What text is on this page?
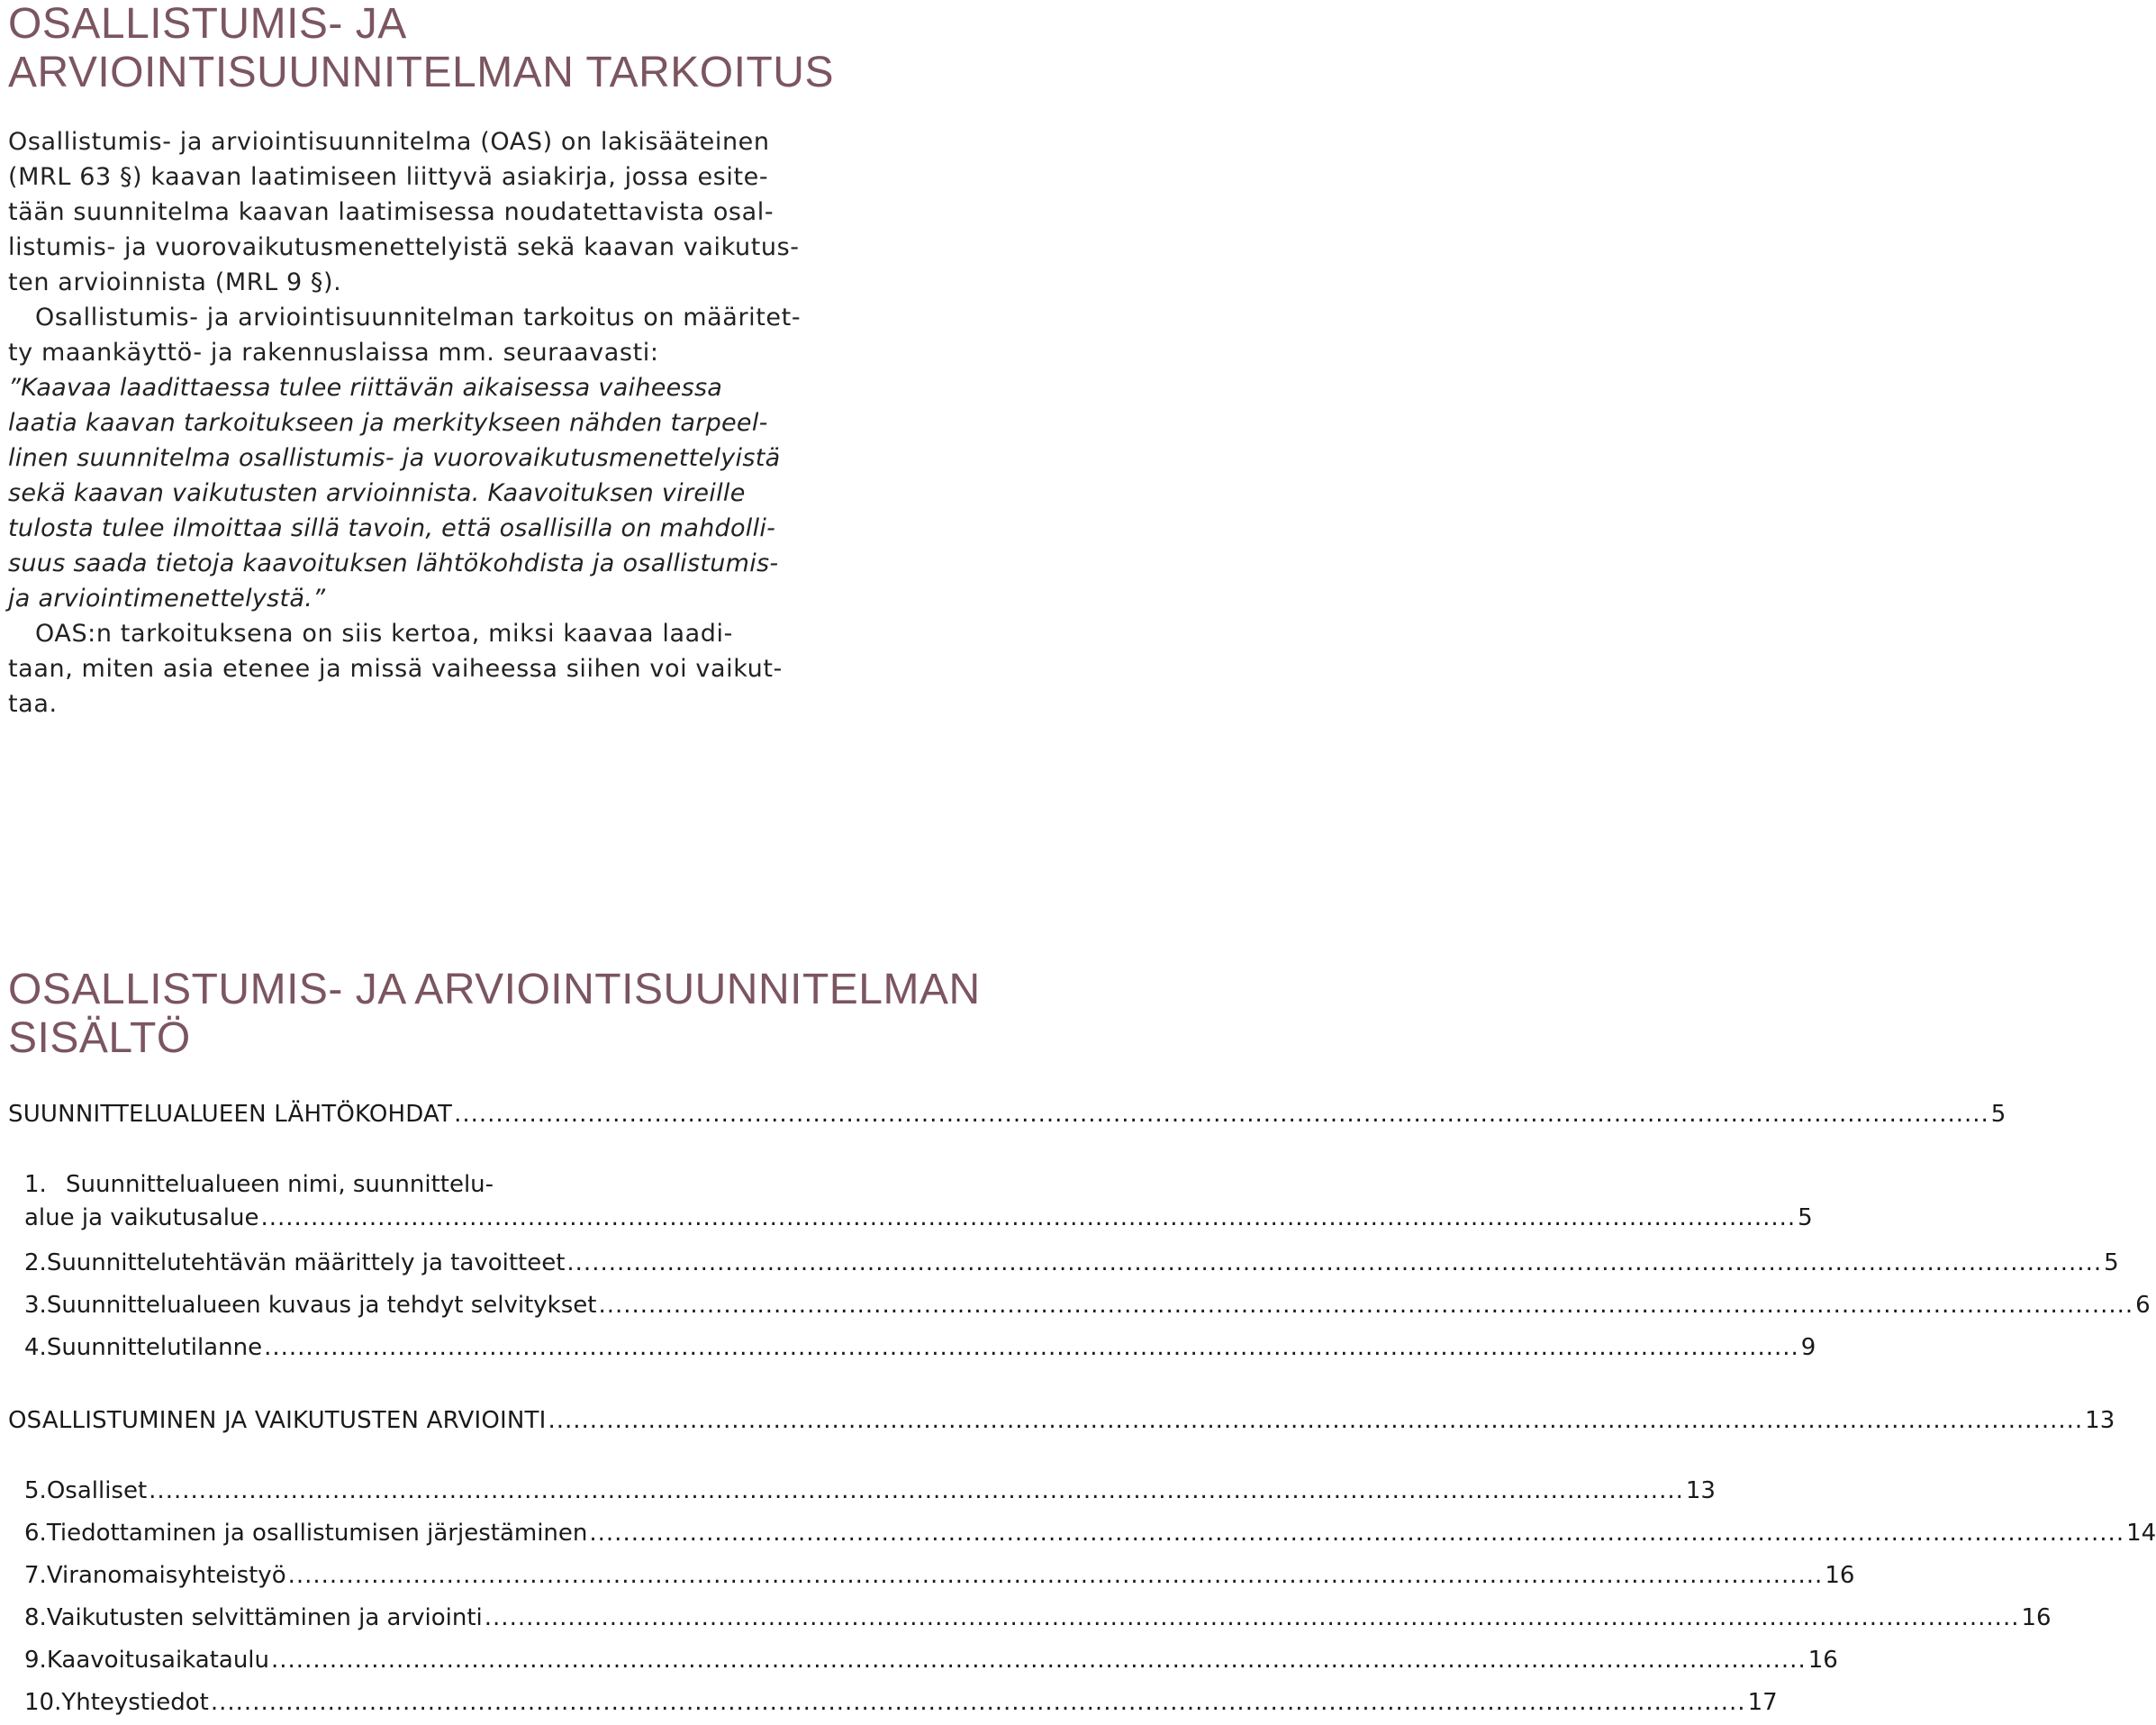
OSALLISTUMIS- JA
ARVIOINTISUUNNITELMAN TARKOITUS
Osallistumis- ja arviointisuunnitelma (OAS) on lakisääteinen
(MRL 63 §) kaavan laatimiseen liittyvä asiakirja, jossa esite-
tään suunnitelma kaavan laatimisessa noudatettavista osal-
listumis- ja vuorovaikutusmenettelyistä sekä kaavan vaikutus-
ten arvioinnista (MRL 9 §).
Osallistumis- ja arviointisuunnitelman tarkoitus on määritet-
ty maankäyttö- ja rakennuslaissa mm. seuraavasti:
”Kaavaa laadittaessa tulee riittävän aikaisessa vaiheessa
laatia kaavan tarkoitukseen ja merkitykseen nähden tarpeel-
linen suunnitelma osallistumis- ja vuorovaikutusmenettelyistä
sekä kaavan vaikutusten arvioinnista. Kaavoituksen vireille
tulosta tulee ilmoittaa sillä tavoin, että osallisilla on mahdolli-
suus saada tietoja kaavoituksen lähtökohdista ja osallistumis-
ja arviointimenettelystä.”
OAS:n tarkoituksena on siis kertoa, miksi kaavaa laadi-
taan, miten asia etenee ja missä vaiheessa siihen voi vaikut-
taa.
OSALLISTUMIS- JA ARVIOINTISUUNNITELMAN
SISÄLTÖ
SUUNNITTELUALUEEN LÄHTÖKOHDAT .....	5
1. Suunnittelualueen nimi, suunnittelu-
alue ja vaikutusalue .....	5
2. Suunnittelutehtävän määrittely ja tavoitteet .....	5
3. Suunnittelualueen kuvaus ja tehdyt selvitykset .....	6
4. Suunnittelutilanne .....	9
OSALLISTUMINEN JA VAIKUTUSTEN ARVIOINTI .....	13
5. Osalliset .....	13
6. Tiedottaminen ja osallistumisen järjestäminen .....	14
7. Viranomaisyhteistyö .....	16
8. Vaikutusten selvittäminen ja arviointi .....	16
9. Kaavoitusaikataulu .....	16
10. Yhteystiedot .....	17
